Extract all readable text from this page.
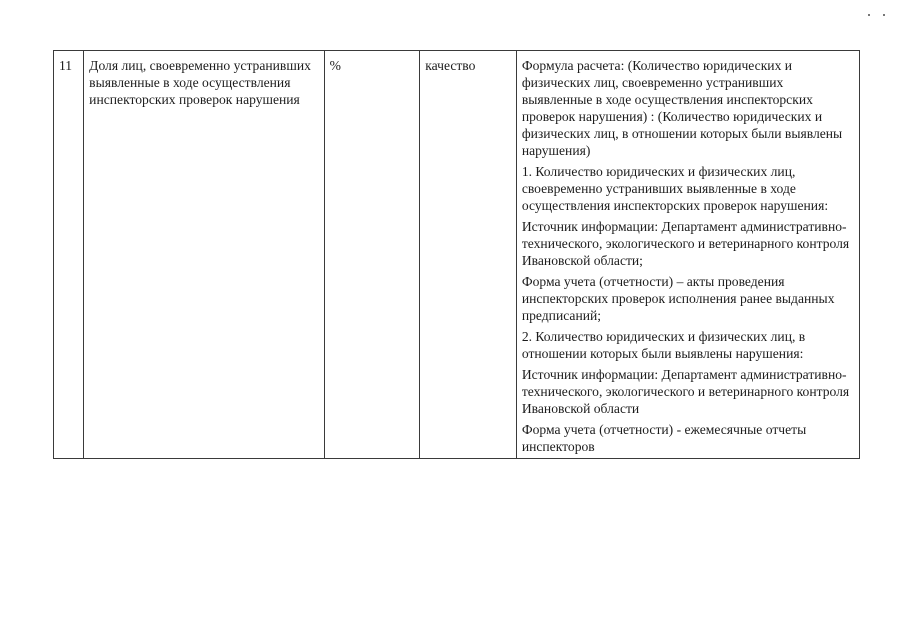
11	Доля лиц, своевременно устранивших выявленные в ходе осуществления инспекторских проверок нарушения	%	качество	Формула расчета: (Количество юридических и физических лиц, своевременно устранивших выявленные в ходе осуществления инспекторских проверок нарушения) : (Количество юридических и физических лиц, в отношении которых были выявлены нарушения)

1. Количество юридических и физических лиц, своевременно устранивших выявленные в ходе осуществления инспекторских проверок нарушения:

Источник информации: Департамент административно-технического, экологического и ветеринарного контроля Ивановской области;

Форма учета (отчетности) – акты проведения инспекторских проверок исполнения ранее выданных предписаний;

2. Количество юридических и физических лиц, в отношении которых были выявлены нарушения:

Источник информации: Департамент административно-технического, экологического и ветеринарного контроля Ивановской области

Форма учета (отчетности) - ежемесячные отчеты инспекторов
